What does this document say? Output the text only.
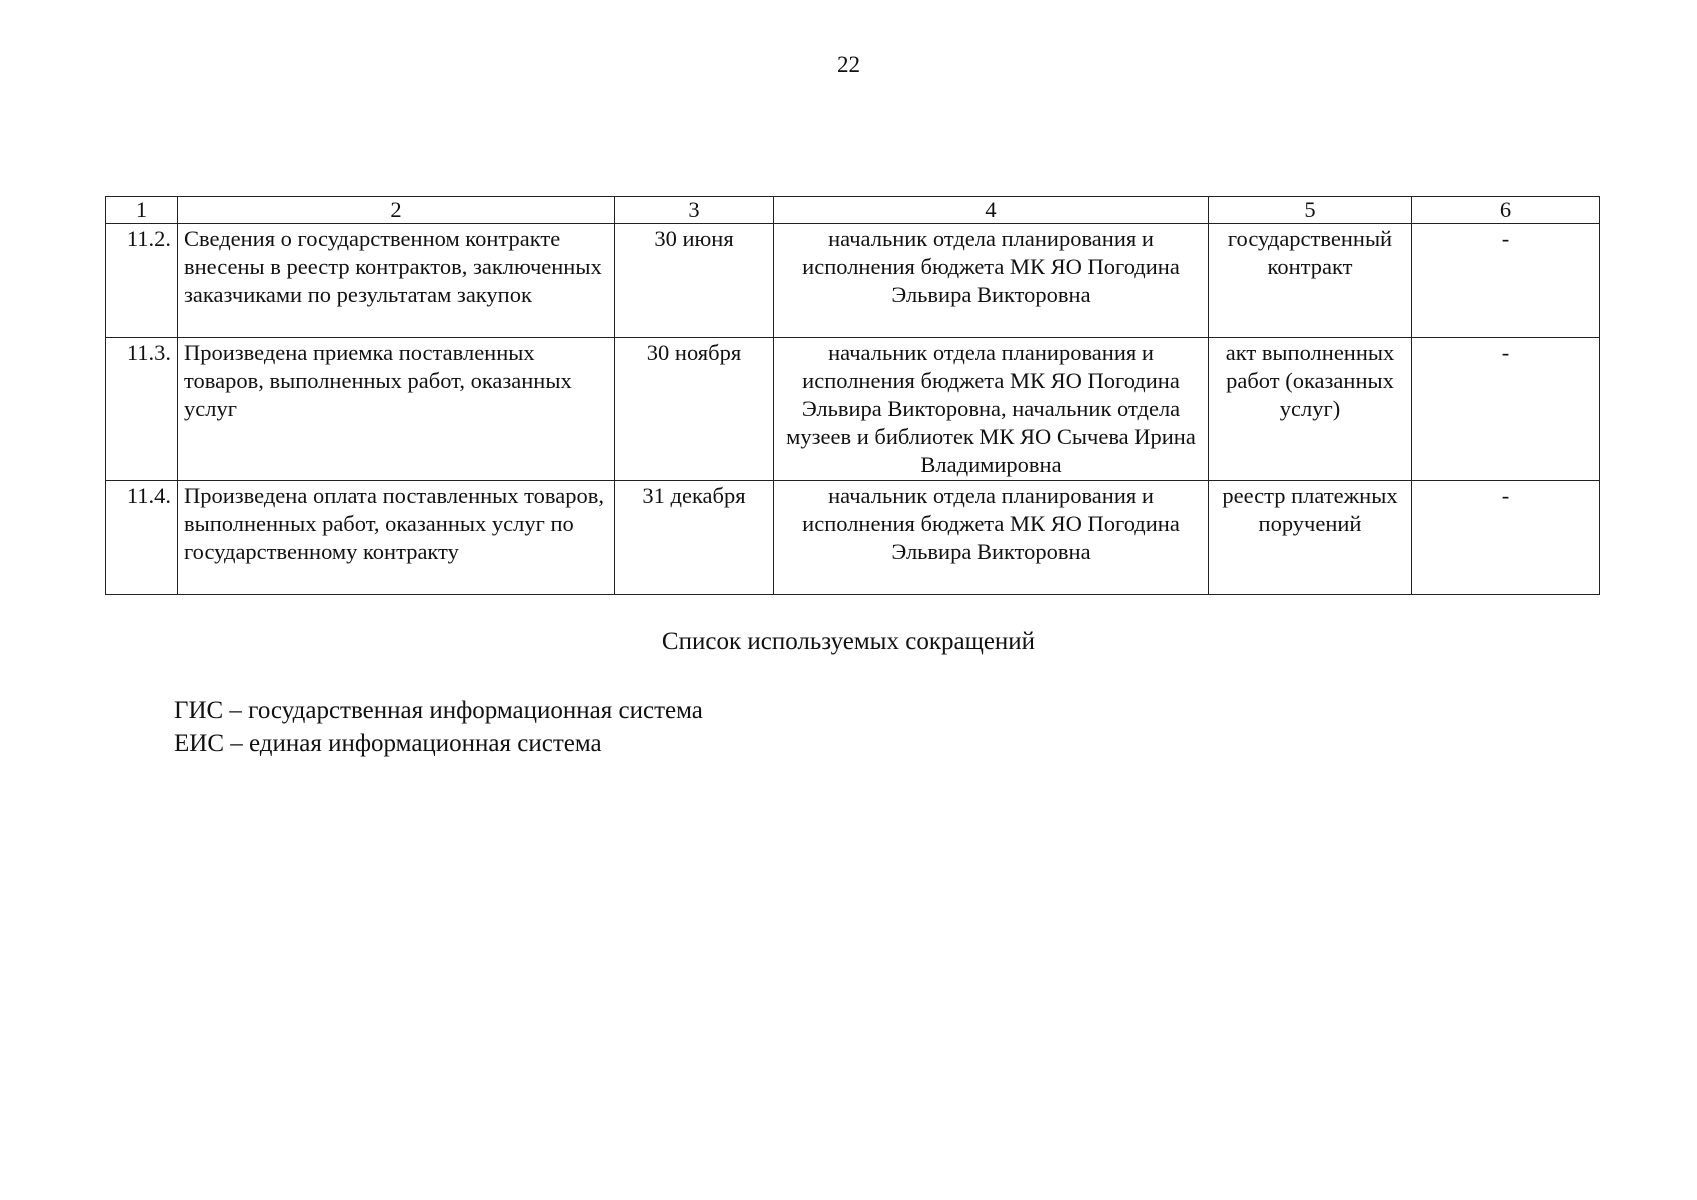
22
1	2	3	4	5	6
11.2.	Сведения о государственном контракте внесены в реестр контрактов, заключенных заказчиками по результатам закупок	30 июня	начальник отдела планирования и исполнения бюджета МК ЯО Погодина Эльвира Викторовна	государственный контракт	-
11.3.	Произведена приемка поставленных товаров, выполненных работ, оказанных услуг	30 ноября	начальник отдела планирования и исполнения бюджета МК ЯО Погодина Эльвира Викторовна, начальник отдела музеев и библиотек МК ЯО Сычева Ирина Владимировна	акт выполненных работ (оказанных услуг)	-
11.4.	Произведена оплата поставленных товаров, выполненных работ, оказанных услуг по государственному контракту	31 декабря	начальник отдела планирования и исполнения бюджета МК ЯО Погодина Эльвира Викторовна	реестр платежных поручений	-
Список используемых сокращений
ГИС – государственная информационная система
ЕИС – единая информационная система
